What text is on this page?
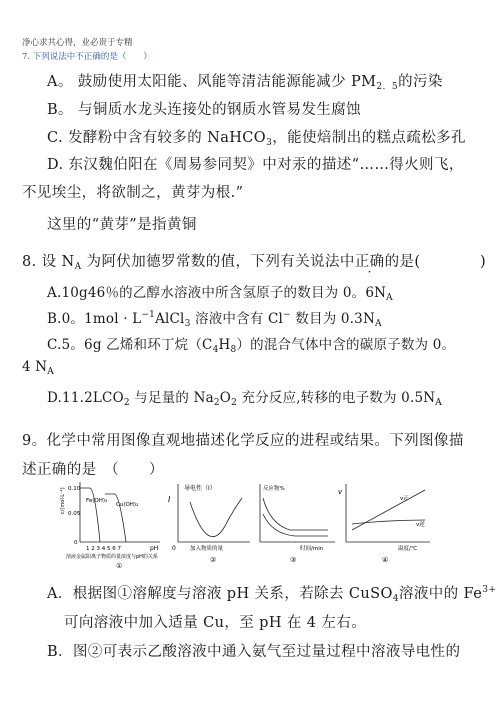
净心求共心得，业必贵于专精
7. 下列说法中不正确的是（　　）
A。 鼓励使用太阳能、风能等清洁能源能减少 $PM_{2.5}$的污染
B。 与铜质水龙头连接处的钢质水管易发生腐蚀
C. 发酵粉中含有较多的 NaHCO$_3$，能使焙制出的糕点疏松多孔
D. 东汉魏伯阳在《周易参同契》中对汞的描述“……得火则飞，
不见埃尘，将欲制之，黄芽为根.”
这里的“黄芽”是指黄铜
8. 设 $N_A$ 为阿伏加德罗常数的值，下列有关说法中正确的是(　　　　)
A.10g46％的乙醇水溶液中所含氢原子的数目为 0。$6N_A$
B.0。$1mol \cdot L^{-1}AlCl_3$ 溶液中含有 Cl− 数目为 $0.3N_A$
C.5。6g 乙烯和环丁烷$(C_4H_8)$的混合气体中含的碳原子数为 0。
4 $N_A$
$D.11.2LCO_2$ 与足量的 $Na_2O_2$ 充分反应,转移的电子数为 $0.5N_A$
9。化学中常用图像直观地描述化学反应的进程或结果。下列图像描
述正确的是　（　　）
c/(mol·L⁻¹) 0.10
0.05
0
Fe(OH)₃
Cu(OH)₂
1 2 3 4 5 6 7	pH
溶液金属阳离子物质的量浓度与pH的关系
①
I
导电性（I）
0	加入物质的量
②
反应物%
时间/min
③
v
v正
v逆
温度/℃
④
A．根据图①溶解度与溶液 pH 关系，若除去 CuSO$_4$溶液中的 $Fe^{3+}$
可向溶液中加入适量 Cu，至 pH 在 4 左右。
B．图②可表示乙酸溶液中通入氨气至过量过程中溶液导电性的
